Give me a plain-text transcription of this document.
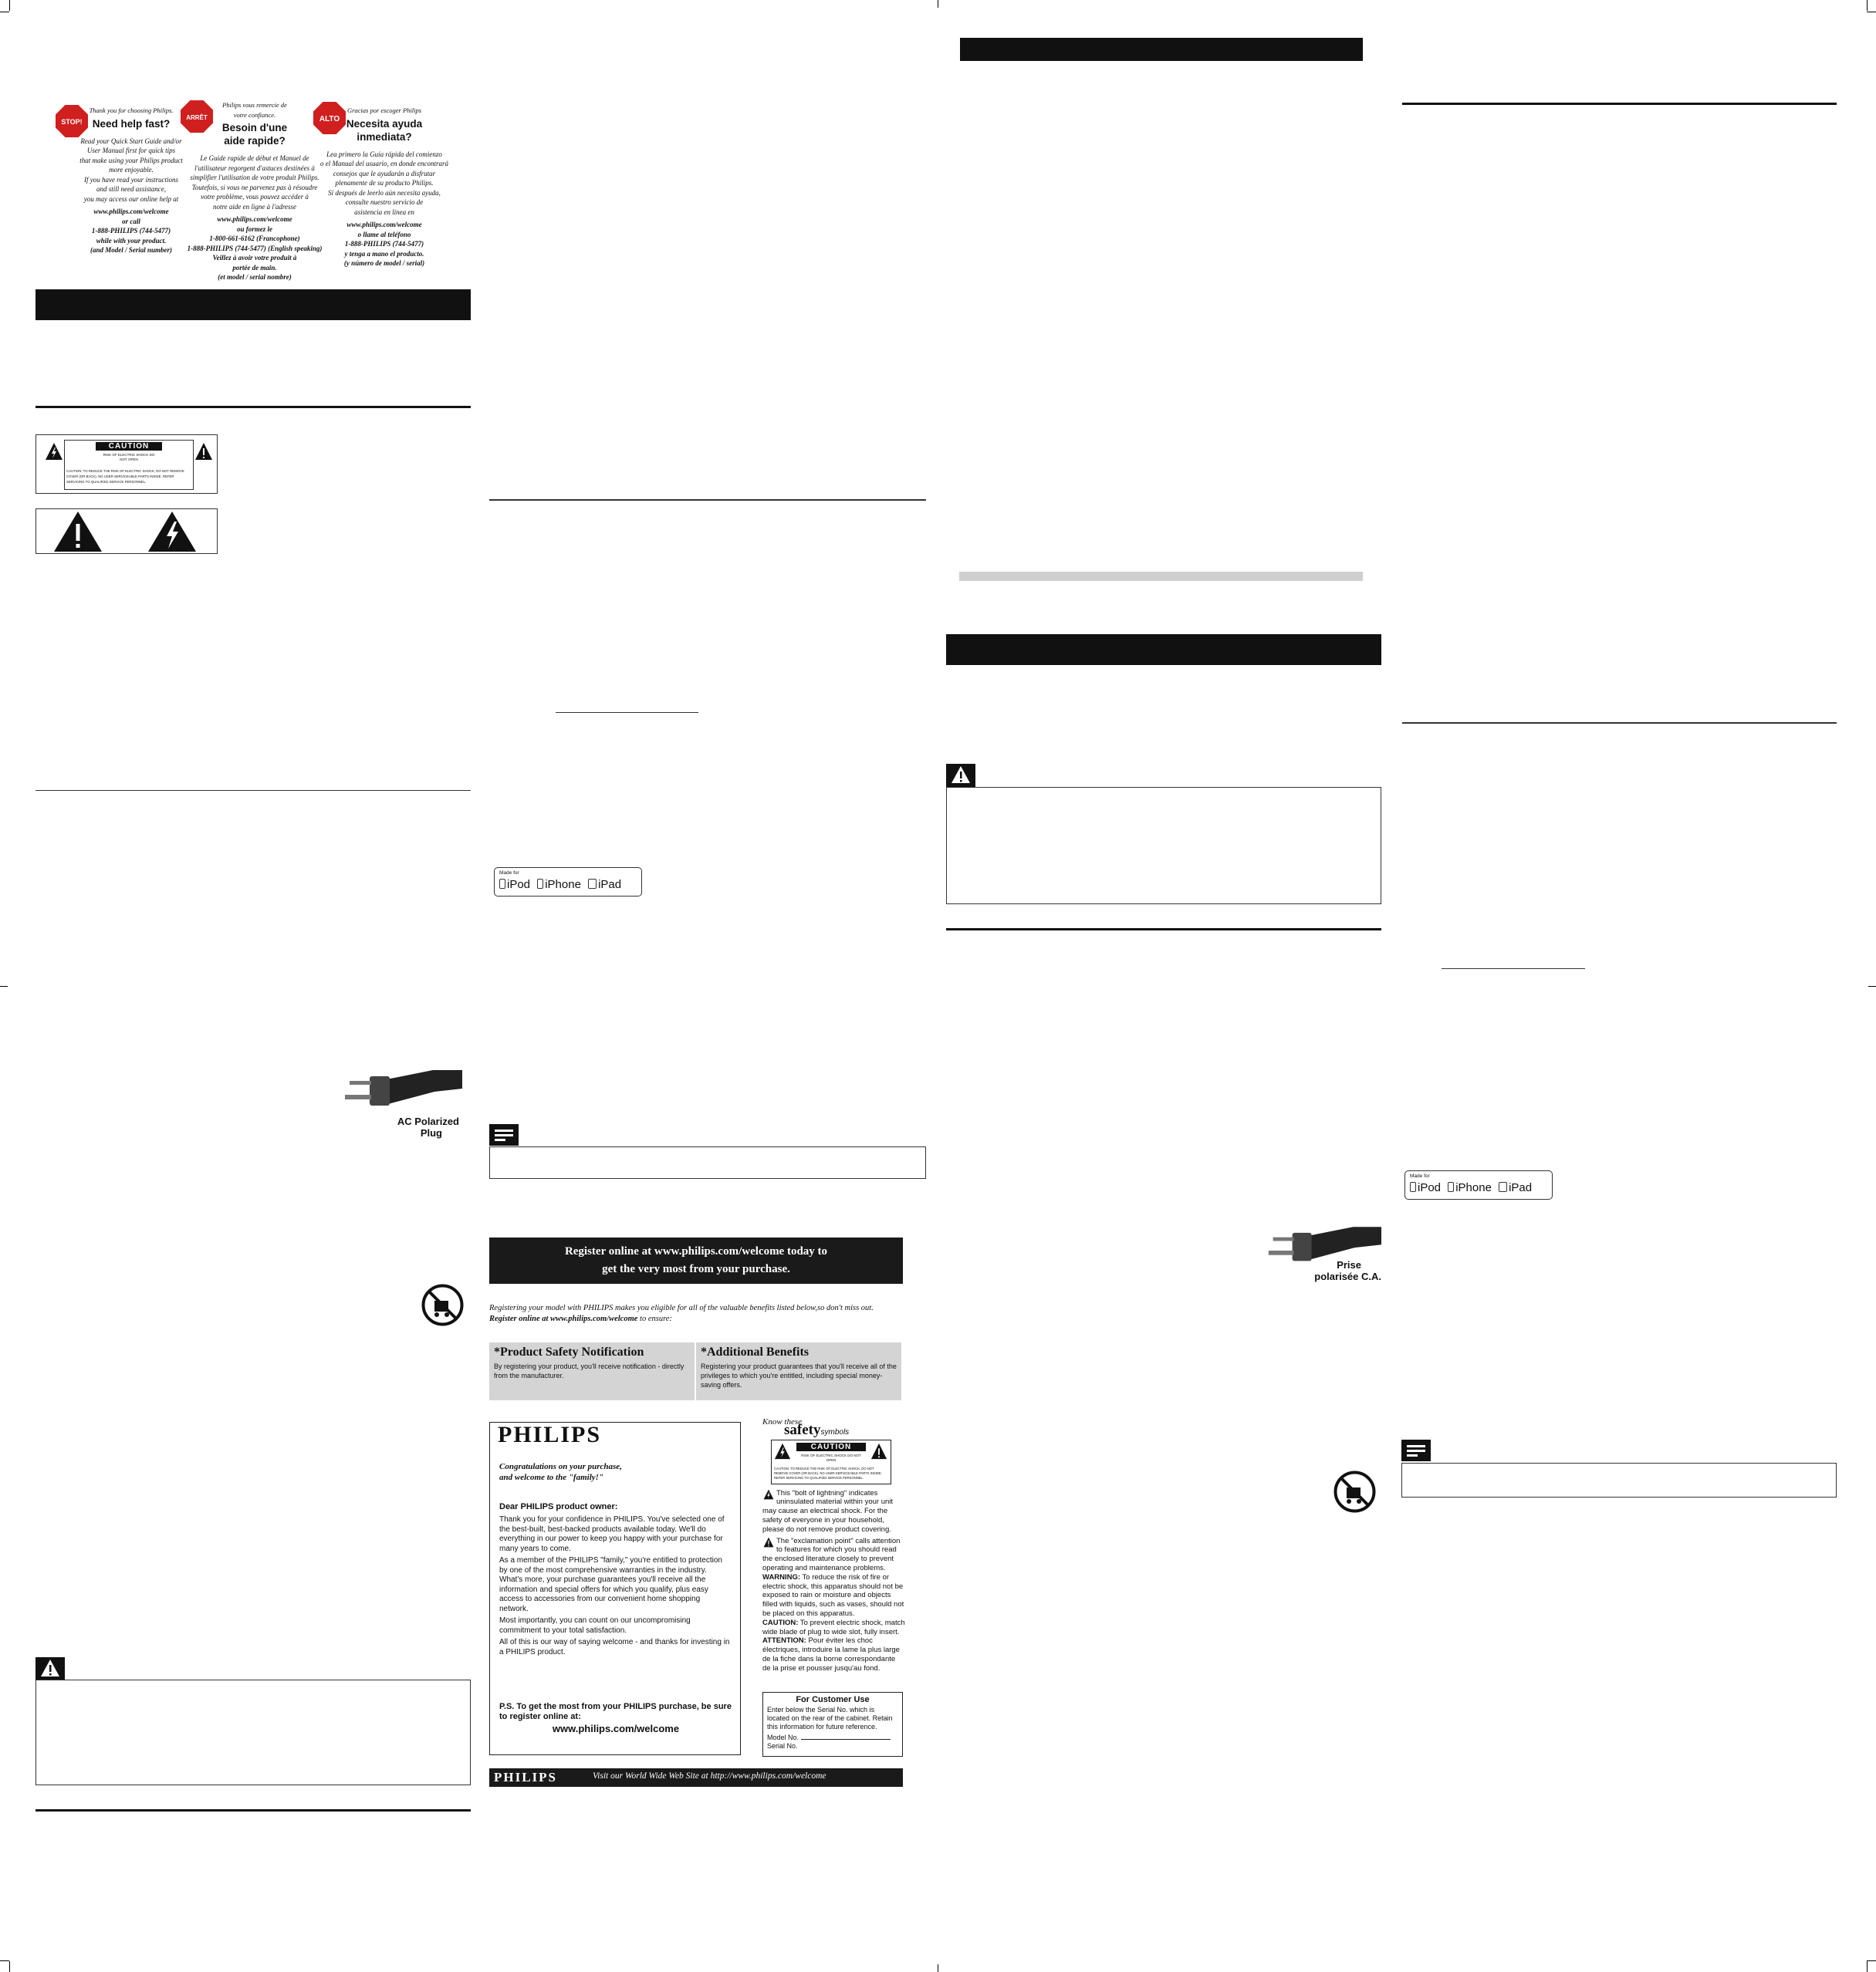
STOP!

Thank you for choosing Philips.

Need help fast?

Read your Quick Start Guide and/or

User Manual first for quick tips

that make using your Philips product

more enjoyable.

If you have read your instructions

and still need assistance,

you may access our online help at

www.philips.com/welcome

or call

1-888-PHILIPS (744-5477)

while with your product.

(and Model / Serial number)

ARRÊT

Philips vous remercie de votre confiance.

Besoin d'une aide rapide?

Le Guide rapide de début et Manuel de

l'utilisateur regorgent d'astuces destinées à

simplifier l'utilisation de votre produit Philips.

Toutefois, si vous ne parvenez pas à résoudre

votre problème, vous pouvez accéder à

notre aide en ligne à l'adresse

www.philips.com/welcome

ou formez le

1-800-661-6162 (Francophone)

1-888-PHILIPS (744-5477) (English speaking)

Veillez à avoir votre produit à

portée de main.

(et model / serial nombre)

ALTO

Gracias por escoger Philips

Necesita ayuda inmediata?

Lea primero la Guía rápida del comienzo

o el Manual del usuario, en donde encontrará

consejos que le ayudarán a disfrutar

plenamente de su producto Philips.

Si después de leerlo aún necesita ayuda,

consulte nuestro servicio de

asistencia en línea en

www.philips.com/welcome

o llame al teléfono

1-888-PHILIPS (744-5477)

y tenga a mano el producto.

(y número de model / serial)

CAUTION
RISK OF ELECTRIC SHOCK DO NOT OPEN
CAUTION: TO REDUCE THE RISK OF ELECTRIC SHOCK, DO NOT REMOVE COVER (OR BACK). NO USER-SERVICEABLE PARTS INSIDE. REFER SERVICING TO QUALIFIED SERVICE PERSONNEL.
AC Polarized
Plug
Made for
iPod iPhone iPad
Register online at www.philips.com/welcome today to
get the very most from your purchase.
Registering your model with PHILIPS makes you eligible for all of the valuable benefits listed below,so don't miss out.
Register online at www.philips.com/welcome to ensure:
*Product Safety Notification
By registering your product, you'll receive notification - directly from the manufacturer.
*Additional Benefits
Registering your product guarantees that you'll receive all of the privileges to which you're entitled, including special money-saving offers.
PHILIPS
Congratulations on your purchase,
and welcome to the "family!"
Dear PHILIPS product owner:

Thank you for your confidence in PHILIPS. You've selected one of the best-built, best-backed products available today. We'll do everything in our power to keep you happy with your purchase for many years to come.

As a member of the PHILIPS "family," you're entitled to protection by one of the most comprehensive warranties in the industry. What's more, your purchase guarantees you'll receive all the information and special offers for which you qualify, plus easy access to accessories from our convenient home shopping network.

Most importantly, you can count on our uncompromising commitment to your total satisfaction.

All of this is our way of saying welcome - and thanks for investing in a PHILIPS product.

P.S. To get the most from your PHILIPS purchase, be sure to register online at:
www.philips.com/welcome
Know these
safetysymbols
CAUTION
RISK OF ELECTRIC SHOCK DO NOT OPEN
CAUTION: TO REDUCE THE RISK OF ELECTRIC SHOCK, DO NOT REMOVE COVER (OR BACK). NO USER-SERVICEABLE PARTS INSIDE. REFER SERVICING TO QUALIFIED SERVICE PERSONNEL.
This "bolt of lightning" indicates uninsulated material within your unit may cause an electrical shock. For the safety of everyone in your household, please do not remove product covering.
The "exclamation point" calls attention to features for which you should read the enclosed literature closely to prevent operating and maintenance problems.
WARNING: To reduce the risk of fire or electric shock, this apparatus should not be exposed to rain or moisture and objects filled with liquids, such as vases, should not be placed on this apparatus.
CAUTION: To prevent electric shock, match wide blade of plug to wide slot, fully insert.
ATTENTION: Pour éviter les choc électriques, introduire la lame la plus large de la fiche dans la borne correspondante de la prise et pousser jusqu'au fond.
For Customer Use
Enter below the Serial No. which is located on the rear of the cabinet. Retain this information for future reference.
Model No.
Serial No.
PHILIPS	Visit our World Wide Web Site at http://www.philips.com/welcome
Prise
polarisée C.A.
Made for
iPod iPhone iPad
